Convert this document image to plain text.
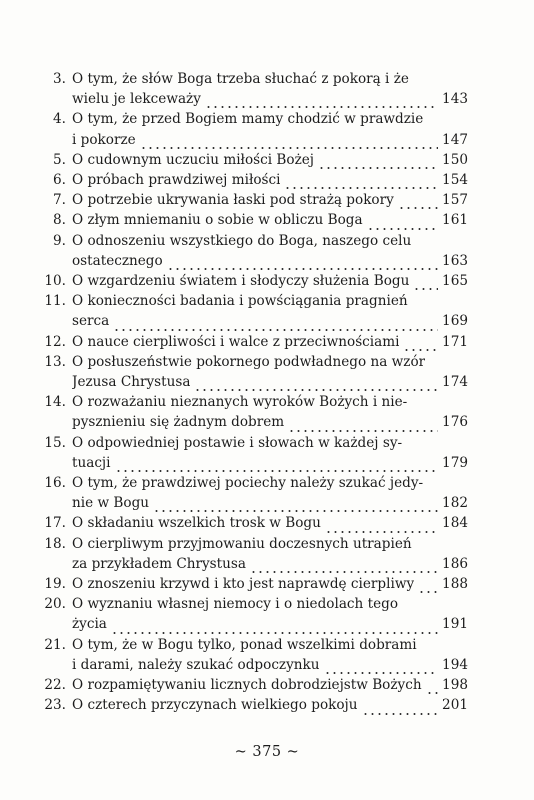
3. O tym, że słów Boga trzeba słuchać z pokorą i że
wielu je lekceważy	143
4. O tym, że przed Bogiem mamy chodzić w prawdzie
i pokorze	147
5. O cudownym uczuciu miłości Bożej	150
6. O próbach prawdziwej miłości	154
7. O potrzebie ukrywania łaski pod strażą pokory	157
8. O złym mniemaniu o sobie w obliczu Boga	161
9. O odnoszeniu wszystkiego do Boga, naszego celu
ostatecznego	163
10. O wzgardzeniu światem i słodyczy służenia Bogu 165
11. O konieczności badania i powściągania pragnień
serca	169
12. O nauce cierpliwości i walce z przeciwnościami	171
13. O posłuszeństwie pokornego podwładnego na wzór
Jezusa Chrystusa	174
14. O rozważaniu nieznanych wyroków Bożych i nie-
pysznieniu się żadnym dobrem	176
15. O odpowiedniej postawie i słowach w każdej sy-
tuacji	179
16. O tym, że prawdziwej pociechy należy szukać jedy-
nie w Bogu	182
17. O składaniu wszelkich trosk w Bogu	184
18. O cierpliwym przyjmowaniu doczesnych utrapień
za przykładem Chrystusa	186
19. O znoszeniu krzywd i kto jest naprawdę cierpliwy 188
20. O wyznaniu własnej niemocy i o niedolach tego
życia	191
21. O tym, że w Bogu tylko, ponad wszelkimi dobrami
i darami, należy szukać odpoczynku	194
22. O rozpamiętywaniu licznych dobrodziejstw Bożych 198
23. O czterech przyczynach wielkiego pokoju	201
~ 375 ~
